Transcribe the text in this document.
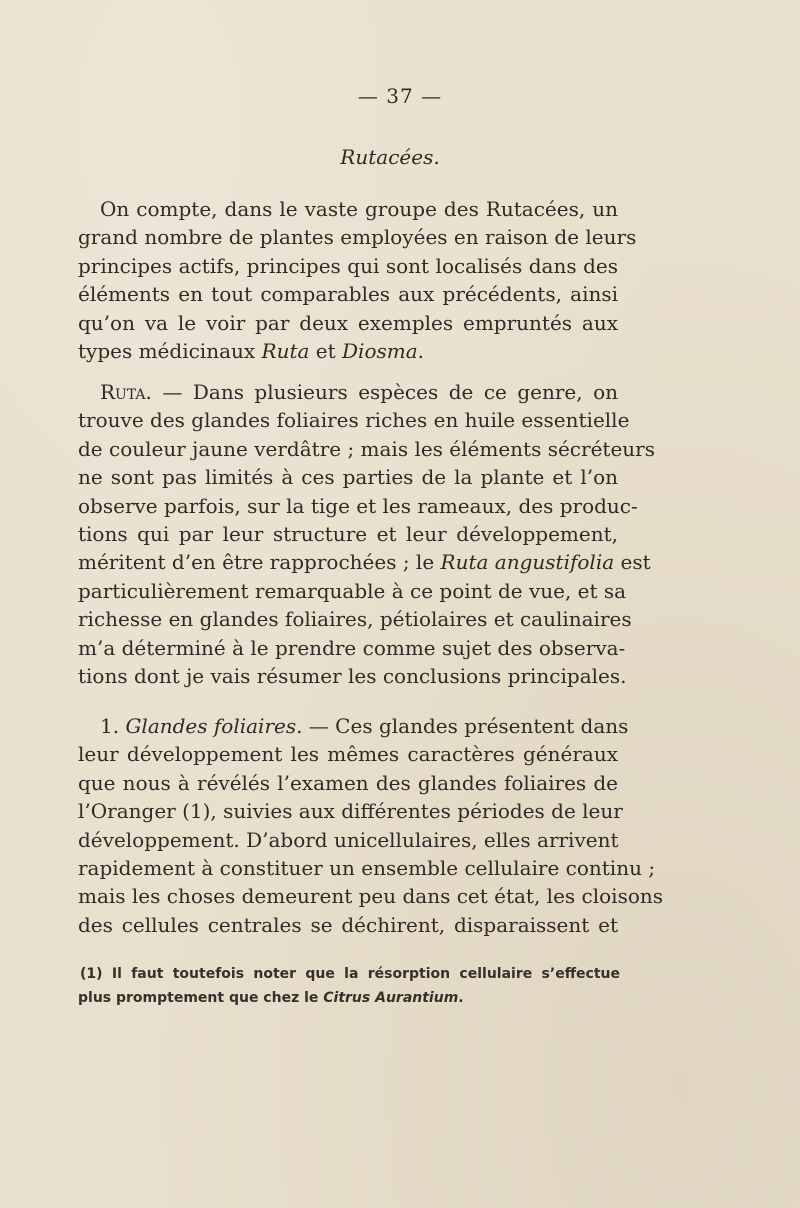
— 37 —
Rutacées.
On compte, dans le vaste groupe des Rutacées, un
grand nombre de plantes employées en raison de leurs
principes actifs, principes qui sont localisés dans des
éléments en tout comparables aux précédents, ainsi
qu’on va le voir par deux exemples empruntés aux
types médicinaux Ruta et Diosma.
Ruta. — Dans plusieurs espèces de ce genre, on
trouve des glandes foliaires riches en huile essentielle
de couleur jaune verdâtre ; mais les éléments sécréteurs
ne sont pas limités à ces parties de la plante et l’on
observe parfois, sur la tige et les rameaux, des produc-
tions qui par leur structure et leur développement,
méritent d’en être rapprochées ; le Ruta angustifolia est
particulièrement remarquable à ce point de vue, et sa
richesse en glandes foliaires, pétiolaires et caulinaires
m’a déterminé à le prendre comme sujet des observa-
tions dont je vais résumer les conclusions principales.
1. Glandes foliaires. — Ces glandes présentent dans
leur développement les mêmes caractères généraux
que nous à révélés l’examen des glandes foliaires de
l’Oranger (1), suivies aux différentes périodes de leur
développement. D’abord unicellulaires, elles arrivent
rapidement à constituer un ensemble cellulaire continu ;
mais les choses demeurent peu dans cet état, les cloisons
des cellules centrales se déchirent, disparaissent et
(1) Il faut toutefois noter que la résorption cellulaire s’effectue
plus promptement que chez le Citrus Aurantium.
